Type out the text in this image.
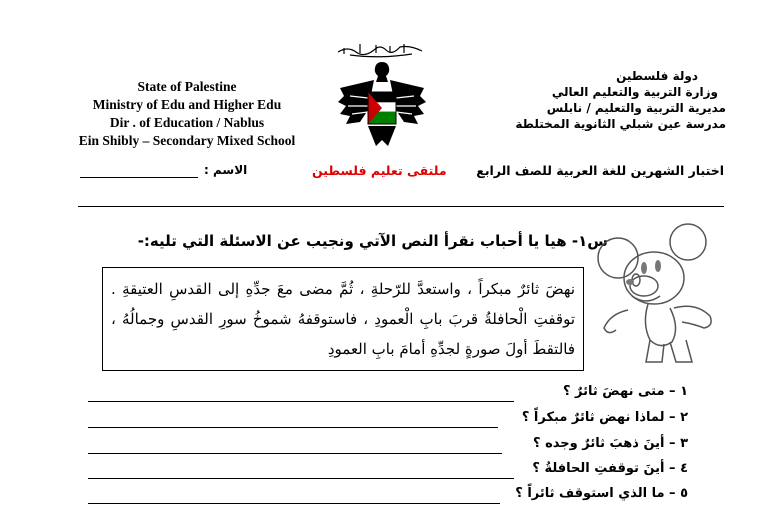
State of Palestine
Ministry of Edu and Higher Edu
Dir . of Education / Nablus
Ein Shibly – Secondary Mixed School
دولة فلسطين
وزارة التربية والتعليم العالي
مديرية التربية والتعليم / نابلس
مدرسة عين شبلي الثانوية المختلطة
الاسم :	ملتقى تعليم فلسطين اختبار الشهرين للغة العربية للصف الرابع
س١- هيا يا أحباب نقرأ النص الآتي ونجيب عن الاسئلة التي تليه:-
نهضَ ثائرٌ مبكراً ، واستعدَّ للرّحلةِ ، ثُمَّ مضى معَ جدِّهِ إلى القدسِ العتيقةِ . توقفتِ الْحافلةُ قربَ بابِ الْعمودِ ، فاستوقفهُ شموخُ سورِ القدسِ وجمالُهُ ، فالتقطَ أولَ صورةٍ لجدِّهِ أمامَ بابِ العمودِ
١ – متى نهضَ ثائرٌ ؟
٢ – لماذا نهض ثائرٌ مبكراً ؟
٣ – أينَ ذهبَ ثائرٌ وجده ؟
٤ – أينَ توقفتِ الحافلةُ ؟
٥ – ما الذي استوقف ثائراً ؟
